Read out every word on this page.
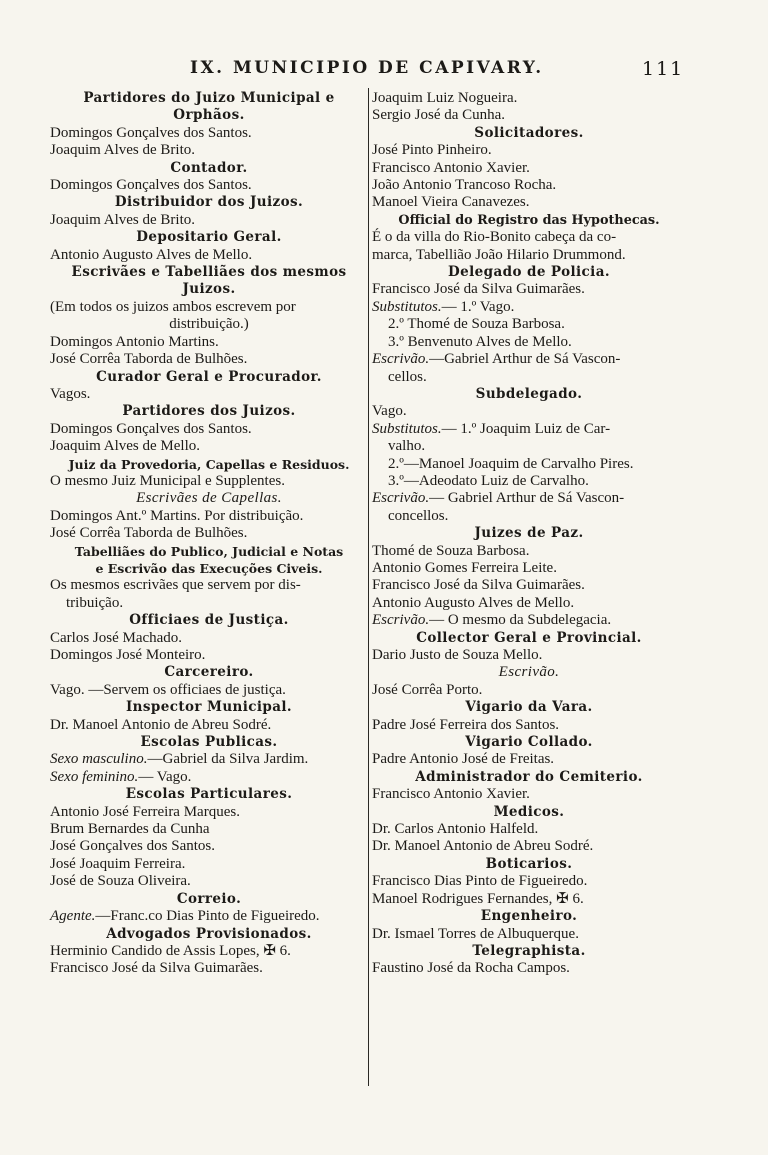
IX. MUNICIPIO DE CAPIVARY.	111
Partidores do Juizo Municipal e
Orphãos.
Domingos Gonçalves dos Santos.
Joaquim Alves de Brito.
Contador.
Domingos Gonçalves dos Santos.
Distribuidor dos Juizos.
Joaquim Alves de Brito.
Depositario Geral.
Antonio Augusto Alves de Mello.
Escrivães e Tabelliães dos mesmos
Juizos.
(Em todos os juizos ambos escrevem por
distribuição.)
Domingos Antonio Martins.
José Corrêa Taborda de Bulhões.
Curador Geral e Procurador.
Vagos.
Partidores dos Juizos.
Domingos Gonçalves dos Santos.
Joaquim Alves de Mello.
Juiz da Provedoria, Capellas e Residuos.
O mesmo Juiz Municipal e Supplentes.
Escrivães de Capellas.
Domingos Ant.º Martins. Por distribuição.
José Corrêa Taborda de Bulhões.
Tabelliães do Publico, Judicial e Notas
e Escrivão das Execuções Civeis.
Os mesmos escrivães que servem por dis-
tribuição.
Officiaes de Justiça.
Carlos José Machado.
Domingos José Monteiro.
Carcereiro.
Vago. —Servem os officiaes de justiça.
Inspector Municipal.
Dr. Manoel Antonio de Abreu Sodré.
Escolas Publicas.
Sexo masculino.—Gabriel da Silva Jardim.
Sexo feminino.— Vago.
Escolas Particulares.
Antonio José Ferreira Marques.
Brum Bernardes da Cunha
José Gonçalves dos Santos.
José Joaquim Ferreira.
José de Souza Oliveira.
Correio.
Agente.—Franc.co Dias Pinto de Figueiredo.
Advogados Provisionados.
Herminio Candido de Assis Lopes, ✠ 6.
Francisco José da Silva Guimarães.
Joaquim Luiz Nogueira.
Sergio José da Cunha.
Solicitadores.
José Pinto Pinheiro.
Francisco Antonio Xavier.
João Antonio Trancoso Rocha.
Manoel Vieira Canavezes.
Official do Registro das Hypothecas.
É o da villa do Rio-Bonito cabeça da co-
marca, Tabellião João Hilario Drummond.
Delegado de Policia.
Francisco José da Silva Guimarães.
Substitutos.— 1.º Vago.
2.º Thomé de Souza Barbosa.
3.º Benvenuto Alves de Mello.
Escrivão.—Gabriel Arthur de Sá Vascon-
cellos.
Subdelegado.
Vago.
Substitutos.— 1.º Joaquim Luiz de Car-
valho.
2.º—Manoel Joaquim de Carvalho Pires.
3.º—Adeodato Luiz de Carvalho.
Escrivão.— Gabriel Arthur de Sá Vascon-
concellos.
Juizes de Paz.
Thomé de Souza Barbosa.
Antonio Gomes Ferreira Leite.
Francisco José da Silva Guimarães.
Antonio Augusto Alves de Mello.
Escrivão.— O mesmo da Subdelegacia.
Collector Geral e Provincial.
Dario Justo de Souza Mello.
Escrivão.
José Corrêa Porto.
Vigario da Vara.
Padre José Ferreira dos Santos.
Vigario Collado.
Padre Antonio José de Freitas.
Administrador do Cemiterio.
Francisco Antonio Xavier.
Medicos.
Dr. Carlos Antonio Halfeld.
Dr. Manoel Antonio de Abreu Sodré.
Boticarios.
Francisco Dias Pinto de Figueiredo.
Manoel Rodrigues Fernandes, ✠ 6.
Engenheiro.
Dr. Ismael Torres de Albuquerque.
Telegraphista.
Faustino José da Rocha Campos.
